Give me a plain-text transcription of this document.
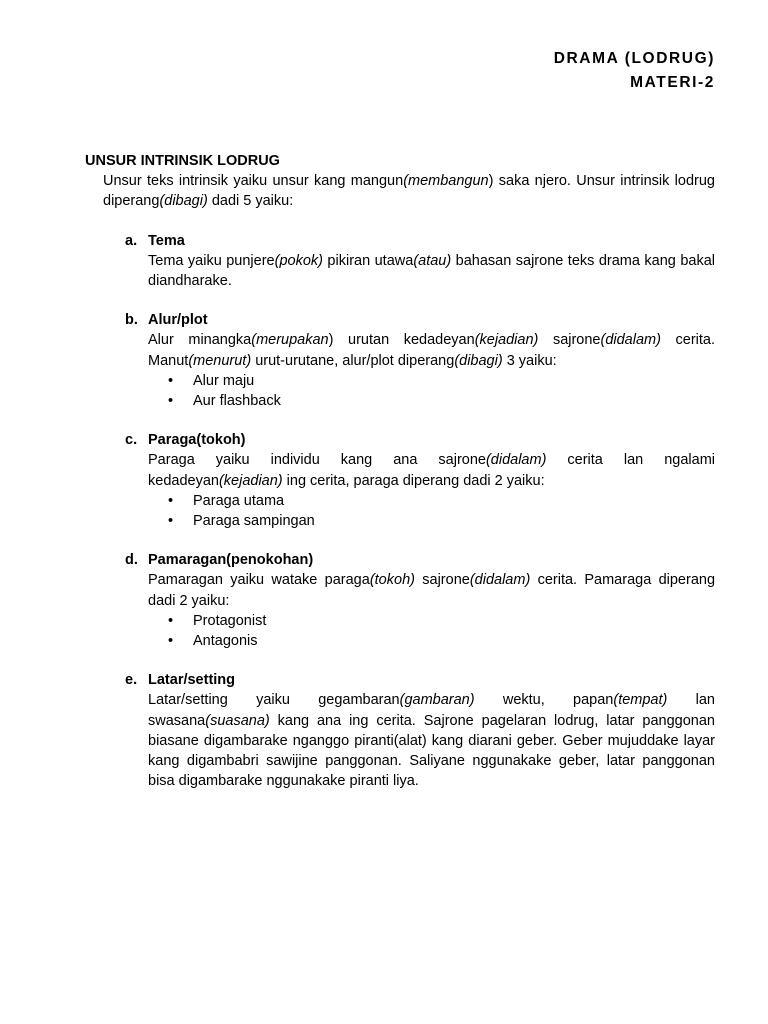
DRAMA (LODRUG)
MATERI-2
UNSUR INTRINSIK LODRUG
Unsur teks intrinsik yaiku unsur kang mangun(membangun) saka njero. Unsur intrinsik lodrug diperang(dibagi) dadi 5 yaiku:
a. Tema
Tema yaiku punjere(pokok) pikiran utawa(atau) bahasan sajrone teks drama kang bakal diandharake.
b. Alur/plot
Alur minangka(merupakan) urutan kedadeyan(kejadian) sajrone(didalam) cerita. Manut(menurut) urut-urutane, alur/plot diperang(dibagi) 3 yaiku:
• Alur maju
• Aur flashback
c. Paraga(tokoh)
Paraga yaiku individu kang ana sajrone(didalam) cerita lan ngalami kedadeyan(kejadian) ing cerita, paraga diperang dadi 2 yaiku:
• Paraga utama
• Paraga sampingan
d. Pamaragan(penokohan)
Pamaragan yaiku watake paraga(tokoh) sajrone(didalam) cerita. Pamaraga diperang dadi 2 yaiku:
• Protagonist
• Antagonis
e. Latar/setting
Latar/setting yaiku gegambaran(gambaran) wektu, papan(tempat) lan swasana(suasana) kang ana ing cerita. Sajrone pagelaran lodrug, latar panggonan biasane digambarake nganggo piranti(alat) kang diarani geber. Geber mujuddake layar kang digambabri sawijine panggonan. Saliyane nggunakake geber, latar panggonan bisa digambarake nggunakake piranti liya.
